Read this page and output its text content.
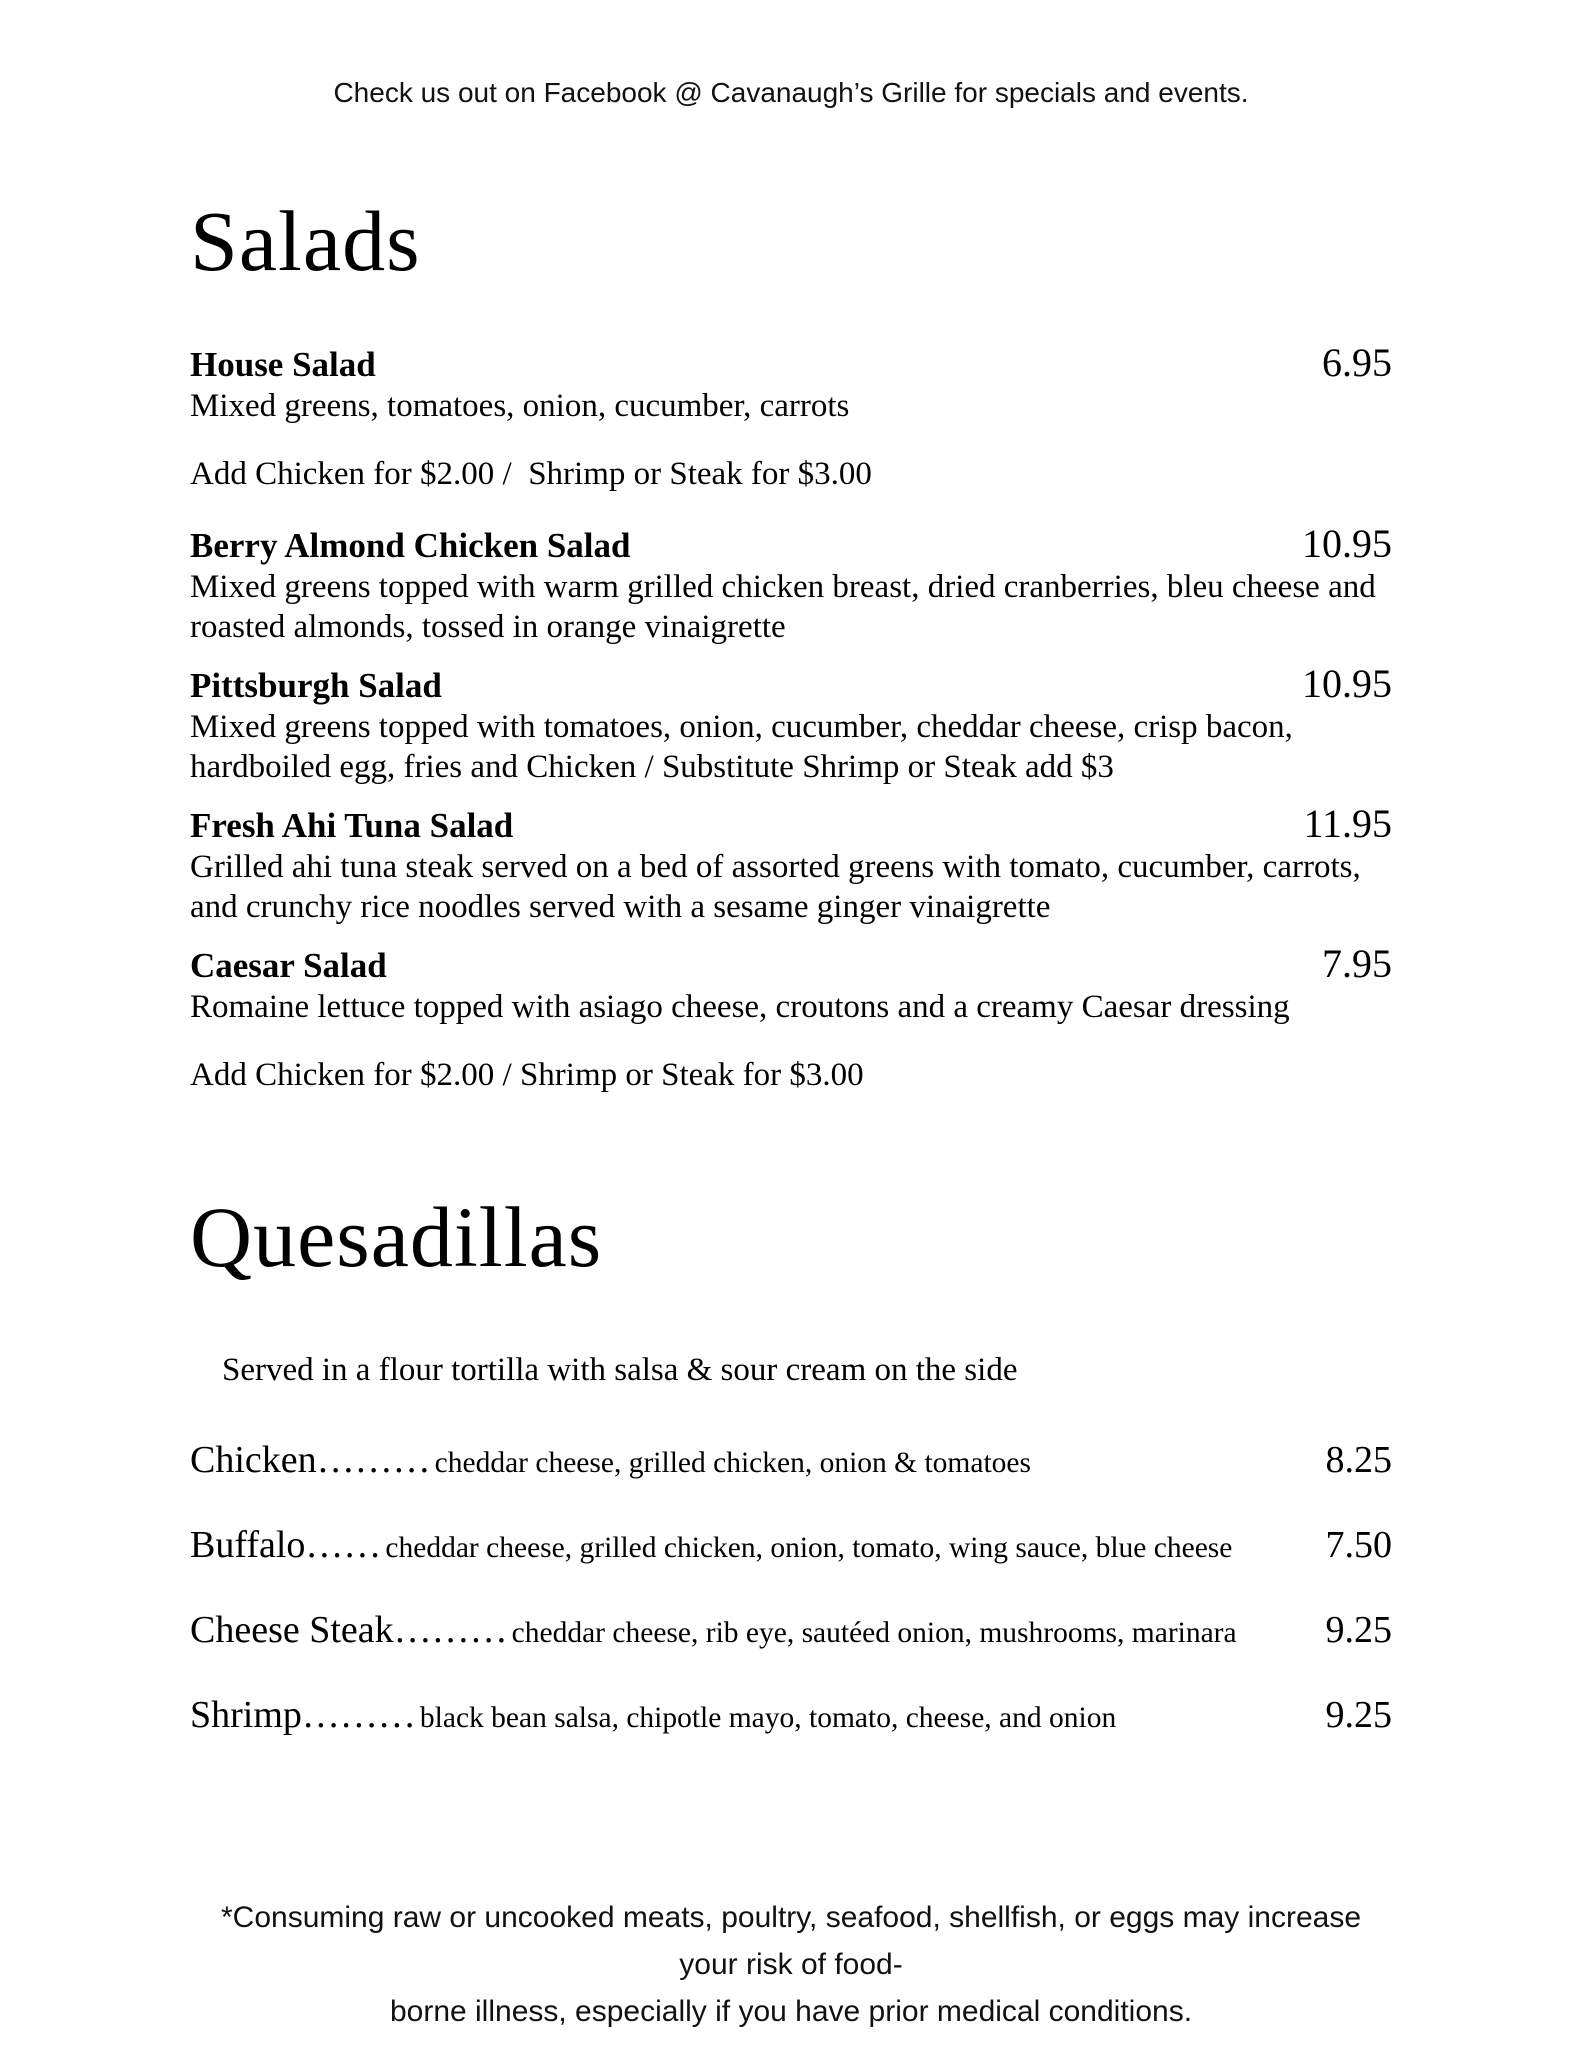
Check us out on Facebook @ Cavanaugh’s Grille for specials and events.
Salads
House Salad	6.95
Mixed greens, tomatoes, onion, cucumber, carrots
Add Chicken for $2.00 /  Shrimp or Steak for $3.00
Berry Almond Chicken Salad	10.95
Mixed greens topped with warm grilled chicken breast, dried cranberries, bleu cheese and roasted almonds, tossed in orange vinaigrette
Pittsburgh Salad	10.95
Mixed greens topped with tomatoes, onion, cucumber, cheddar cheese, crisp bacon, hardboiled egg, fries and Chicken / Substitute Shrimp or Steak add $3
Fresh Ahi Tuna Salad	11.95
Grilled ahi tuna steak served on a bed of assorted greens with tomato, cucumber, carrots, and crunchy rice noodles served with a sesame ginger vinaigrette
Caesar Salad	7.95
Romaine lettuce topped with asiago cheese, croutons and a creamy Caesar dressing
Add Chicken for $2.00 / Shrimp or Steak for $3.00
Quesadillas
Served in a flour tortilla with salsa & sour cream on the side
Chicken……… cheddar cheese, grilled chicken, onion & tomatoes	8.25
Buffalo…… cheddar cheese, grilled chicken, onion, tomato, wing sauce, blue cheese	7.50
Cheese Steak……… cheddar cheese, rib eye, sautéed onion, mushrooms, marinara	9.25
Shrimp……… black bean salsa, chipotle mayo, tomato, cheese, and onion	9.25
*Consuming raw or uncooked meats, poultry, seafood, shellfish, or eggs may increase your risk of food-
borne illness, especially if you have prior medical conditions.
